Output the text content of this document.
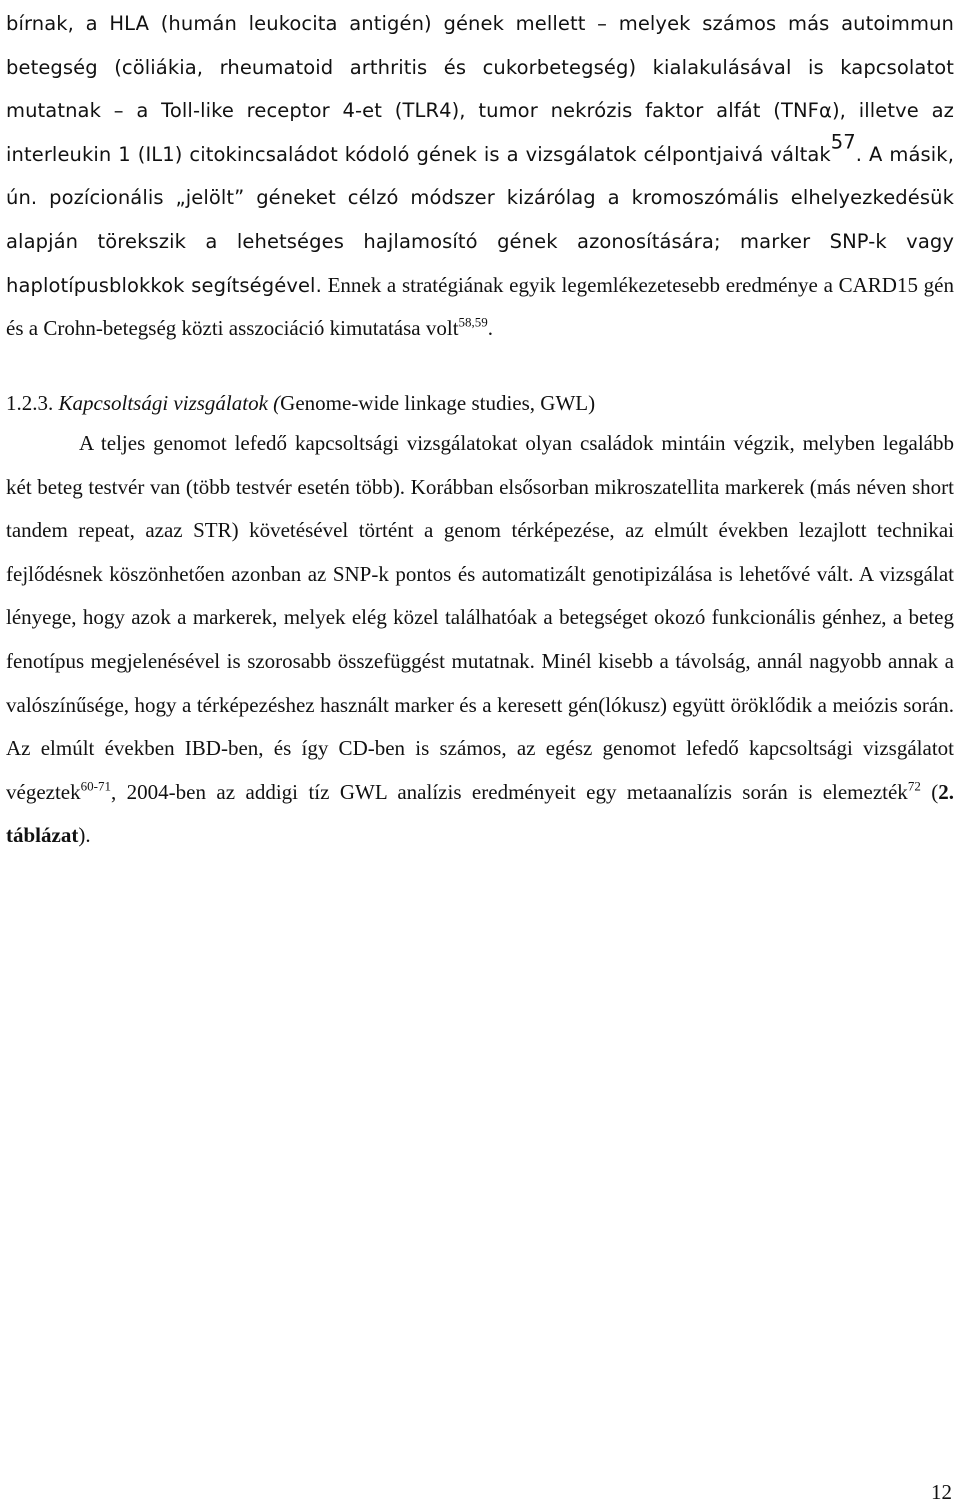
bírnak, a HLA (humán leukocita antigén) gének mellett – melyek számos más autoimmun betegség (cöliákia, rheumatoid arthritis és cukorbetegség) kialakulásával is kapcsolatot mutatnak – a Toll-like receptor 4-et (TLR4), tumor nekrózis faktor alfát (TNFα), illetve az interleukin 1 (IL1) citokincsaládot kódoló gének is a vizsgálatok célpontjaivá váltak$^{57}$. A másik, ún. pozícionális „jelölt” géneket célzó módszer kizárólag a kromoszómális elhelyezkedésük alapján törekszik a lehetséges hajlamosító gének azonosítására; marker SNP-k vagy haplotípusblokkok segítségével. Ennek a stratégiának egyik legemlékezetesebb eredménye a CARD15 gén és a Crohn-betegség közti asszociáció kimutatása volt$^{58,59}$.

1.2.3. Kapcsoltsági vizsgálatok (Genome-wide linkage studies, GWL)

A teljes genomot lefedő kapcsoltsági vizsgálatokat olyan családok mintáin végzik, melyben legalább két beteg testvér van (több testvér esetén több). Korábban elsősorban mikroszatellita markerek (más néven short tandem repeat, azaz STR) követésével történt a genom térképezése, az elmúlt években lezajlott technikai fejlődésnek köszönhetően azonban az SNP-k pontos és automatizált genotipizálása is lehetővé vált. A vizsgálat lényege, hogy azok a markerek, melyek elég közel találhatóak a betegséget okozó funkcionális génhez, a beteg fenotípus megjelenésével is szorosabb összefüggést mutatnak. Minél kisebb a távolság, annál nagyobb annak a valószínűsége, hogy a térképezéshez használt marker és a keresett gén(lókusz) együtt öröklődik a meiózis során. Az elmúlt években IBD-ben, és így CD-ben is számos, az egész genomot lefedő kapcsoltsági vizsgálatot végeztek$^{60-71}$, 2004-ben az addigi tíz GWL analízis eredményeit egy metaanalízis során is elemezték$^{72}$ (2. táblázat).

12
